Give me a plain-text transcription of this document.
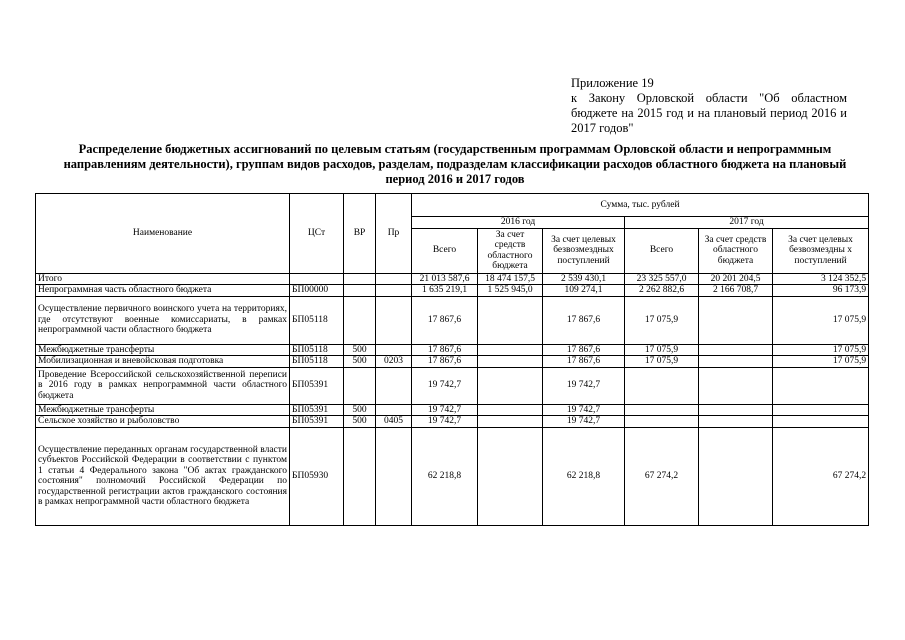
Приложение 19
к Закону Орловской области "Об областном бюджете на 2015 год и на плановый период 2016 и 2017 годов"
Распределение бюджетных ассигнований по целевым статьям (государственным программам Орловской области и непрограммным направлениям деятельности), группам видов расходов, разделам, подразделам классификации расходов областного бюджета на плановый период 2016 и 2017 годов
Наименование	ЦСт	ВР	Пр	Сумма, тыс. рублей					
				2016 год			2017 год		
				Всего	За счет средств областного бюджета	За счет целевых безвозмездных поступлений	Всего	За счет средств областного бюджета	За счет целевых безвозмездны х поступлений
Итого				21 013 587,6	18 474 157,5	2 539 430,1	23 325 557,0	20 201 204,5	3 124 352,5
Непрограммная часть областного бюджета	БП00000			1 635 219,1	1 525 945,0	109 274,1	2 262 882,6	2 166 708,7	96 173,9
Осуществление первичного воинского учета на территориях, где отсутствуют военные комиссариаты, в рамках непрограммной части областного бюджета	БП05118			17 867,6		17 867,6	17 075,9		17 075,9
Межбюджетные трансферты	БП05118	500		17 867,6		17 867,6	17 075,9		17 075,9
Мобилизационная и вневойсковая подготовка	БП05118	500	0203	17 867,6		17 867,6	17 075,9		17 075,9
Проведение Всероссийской сельскохозяйственной переписи в 2016 году в рамках непрограммной части областного бюджета	БП05391			19 742,7		19 742,7			
Межбюджетные трансферты	БП05391	500		19 742,7		19 742,7			
Сельское хозяйство и рыболовство	БП05391	500	0405	19 742,7		19 742,7			
Осуществление переданных органам государственной власти субъектов Российской Федерации в соответствии с пунктом 1 статьи 4 Федерального закона "Об актах гражданского состояния" полномочий Российской Федерации по государственной регистрации актов гражданского состояния в рамках непрограммной части областного бюджета	БП05930			62 218,8		62 218,8	67 274,2		67 274,2
